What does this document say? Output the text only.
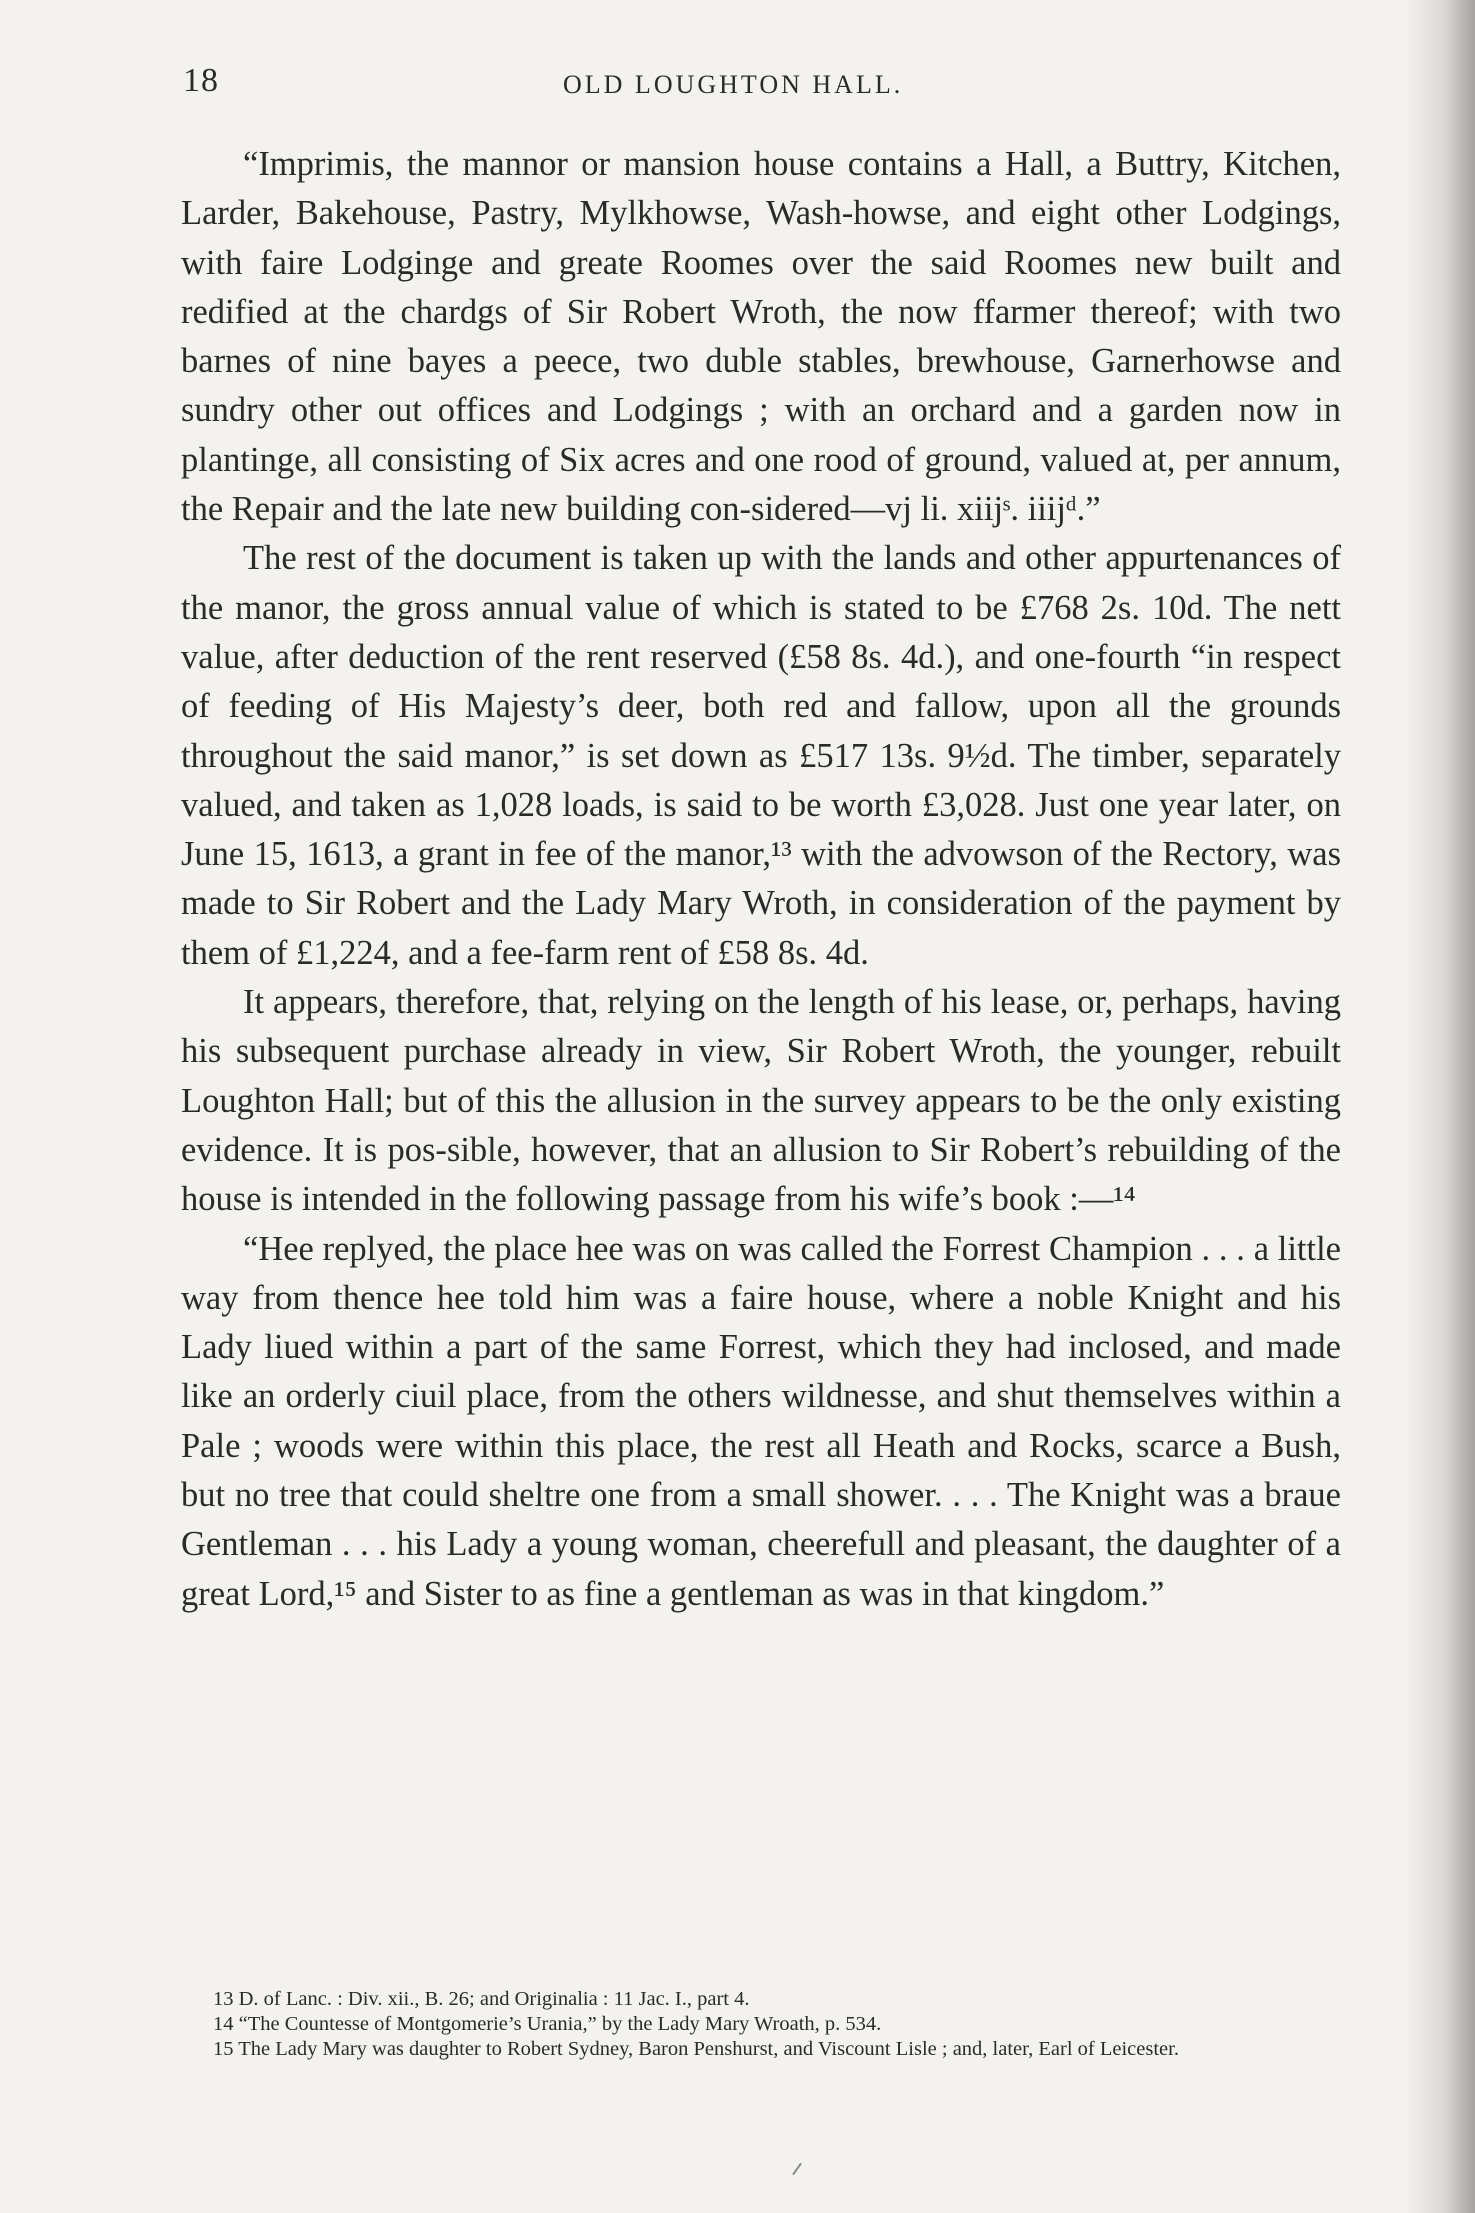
18	OLD LOUGHTON HALL.

“Imprimis, the mannor or mansion house contains a Hall, a Buttry, Kitchen, Larder, Bakehouse, Pastry, Mylkhowse, Wash-howse, and eight other Lodgings, with faire Lodginge and greate Roomes over the said Roomes new built and redified at the chardgs of Sir Robert Wroth, the now ffarmer thereof; with two barnes of nine bayes a peece, two duble stables, brewhouse, Garnerhowse and sundry other out offices and Lodgings ; with an orchard and a garden now in plantinge, all consisting of Six acres and one rood of ground, valued at, per annum, the Repair and the late new building con-sidered—vj li. xiijˢ. iiijᵈ.”

The rest of the document is taken up with the lands and other appurtenances of the manor, the gross annual value of which is stated to be £768 2s. 10d. The nett value, after deduction of the rent reserved (£58 8s. 4d.), and one-fourth “in respect of feeding of His Majesty’s deer, both red and fallow, upon all the grounds throughout the said manor,” is set down as £517 13s. 9½d. The timber, separately valued, and taken as 1,028 loads, is said to be worth £3,028. Just one year later, on June 15, 1613, a grant in fee of the manor,¹³ with the advowson of the Rectory, was made to Sir Robert and the Lady Mary Wroth, in consideration of the payment by them of £1,224, and a fee-farm rent of £58 8s. 4d.

It appears, therefore, that, relying on the length of his lease, or, perhaps, having his subsequent purchase already in view, Sir Robert Wroth, the younger, rebuilt Loughton Hall; but of this the allusion in the survey appears to be the only existing evidence. It is pos-sible, however, that an allusion to Sir Robert’s rebuilding of the house is intended in the following passage from his wife’s book :—¹⁴

“Hee replyed, the place hee was on was called the Forrest Champion . . . a little way from thence hee told him was a faire house, where a noble Knight and his Lady liued within a part of the same Forrest, which they had inclosed, and made like an orderly ciuil place, from the others wildnesse, and shut themselves within a Pale ; woods were within this place, the rest all Heath and Rocks, scarce a Bush, but no tree that could sheltre one from a small shower. . . . The Knight was a braue Gentleman . . . his Lady a young woman, cheerefull and pleasant, the daughter of a great Lord,¹⁵ and Sister to as fine a gentleman as was in that kingdom.”

13 D. of Lanc. : Div. xii., B. 26; and Originalia : 11 Jac. I., part 4.

14 “The Countesse of Montgomerie’s Urania,” by the Lady Mary Wroath, p. 534.

15 The Lady Mary was daughter to Robert Sydney, Baron Penshurst, and Viscount Lisle ; and, later, Earl of Leicester.
